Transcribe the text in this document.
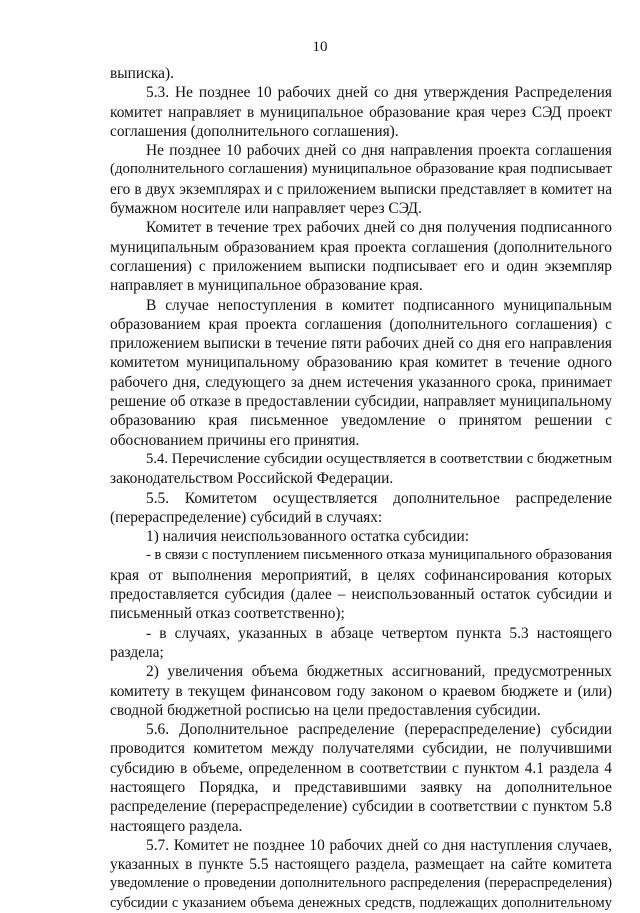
10
выписка).
5.3. Не позднее 10 рабочих дней со дня утверждения Распределения
комитет направляет в муниципальное образование края через СЭД проект
соглашения (дополнительного соглашения).
Не позднее 10 рабочих дней со дня направления проекта соглашения
(дополнительного соглашения) муниципальное образование края подписывает
его в двух экземплярах и с приложением выписки представляет в комитет на
бумажном носителе или направляет через СЭД.
Комитет в течение трех рабочих дней со дня получения подписанного
муниципальным образованием края проекта соглашения (дополнительного
соглашения) с приложением выписки подписывает его и один экземпляр
направляет в муниципальное образование края.
В случае непоступления в комитет подписанного муниципальным
образованием края проекта соглашения (дополнительного соглашения) с
приложением выписки в течение пяти рабочих дней со дня его направления
комитетом муниципальному образованию края комитет в течение одного
рабочего дня, следующего за днем истечения указанного срока, принимает
решение об отказе в предоставлении субсидии, направляет муниципальному
образованию края письменное уведомление о принятом решении с
обоснованием причины его принятия.
5.4. Перечисление субсидии осуществляется в соответствии с бюджетным
законодательством Российской Федерации.
5.5. Комитетом осуществляется дополнительное распределение
(перераспределение) субсидий в случаях:
1) наличия неиспользованного остатка субсидии:
- в связи с поступлением письменного отказа муниципального образования
края от выполнения мероприятий, в целях софинансирования которых
предоставляется субсидия (далее – неиспользованный остаток субсидии и
письменный отказ соответственно);
- в случаях, указанных в абзаце четвертом пункта 5.3 настоящего
раздела;
2) увеличения объема бюджетных ассигнований, предусмотренных
комитету в текущем финансовом году законом о краевом бюджете и (или)
сводной бюджетной росписью на цели предоставления субсидии.
5.6. Дополнительное распределение (перераспределение) субсидии
проводится комитетом между получателями субсидии, не получившими
субсидию в объеме, определенном в соответствии с пунктом 4.1 раздела 4
настоящего Порядка, и представившими заявку на дополнительное
распределение (перераспределение) субсидии в соответствии с пунктом 5.8
настоящего раздела.
5.7. Комитет не позднее 10 рабочих дней со дня наступления случаев,
указанных в пункте 5.5 настоящего раздела, размещает на сайте комитета
уведомление о проведении дополнительного распределения (перераспределения)
субсидии с указанием объема денежных средств, подлежащих дополнительному
